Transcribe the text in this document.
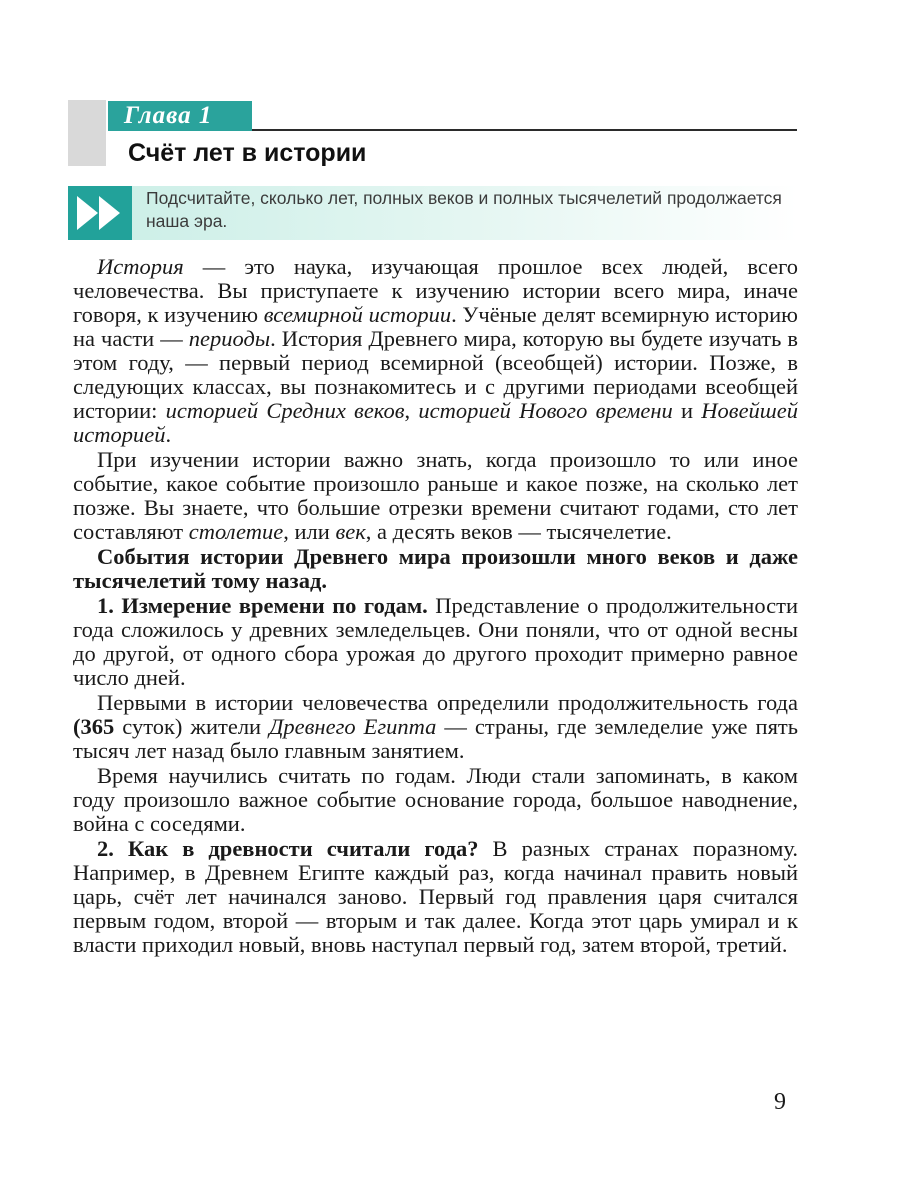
Глава 1
Счёт лет в истории
Подсчитайте, сколько лет, полных веков и полных тысячелетий продолжается наша эра.

История — это наука, изучающая прошлое всех людей, всего человечества. Вы приступаете к изучению истории всего мира, иначе говоря, к изучению всемирной истории. Учёные делят всемирную историю на части — периоды. История Древнего мира, которую вы будете изучать в этом году, — первый период всемирной (всеобщей) истории. Позже, в следующих классах, вы познакомитесь и с другими периодами всеобщей истории: историей Средних веков, историей Нового времени и Новейшей историей.

При изучении истории важно знать, когда произошло то или иное событие, какое событие произошло раньше и какое позже, на сколько лет позже. Вы знаете, что большие отрезки времени считают годами, сто лет составляют столетие, или век, а десять веков — тысячелетие.

События истории Древнего мира произошли много веков и даже тысячелетий тому назад.

1. Измерение времени по годам. Представление о продолжительности года сложилось у древних земледельцев. Они поняли, что от одной весны до другой, от одного сбора урожая до другого проходит примерно равное число дней.

Первыми в истории человечества определили продолжительность года (365 суток) жители Древнего Египта — страны, где земледелие уже пять тысяч лет назад было главным занятием.

Время научились считать по годам. Люди стали запоминать, в каком году произошло важное событие основание города, большое наводнение, война с соседями.

2. Как в древности считали года? В разных странах поразному. Например, в Древнем Египте каждый раз, когда начинал править новый царь, счёт лет начинался заново. Первый год правления царя считался первым годом, второй — вторым и так далее. Когда этот царь умирал и к власти приходил новый, вновь наступал первый год, затем второй, третий.

9
